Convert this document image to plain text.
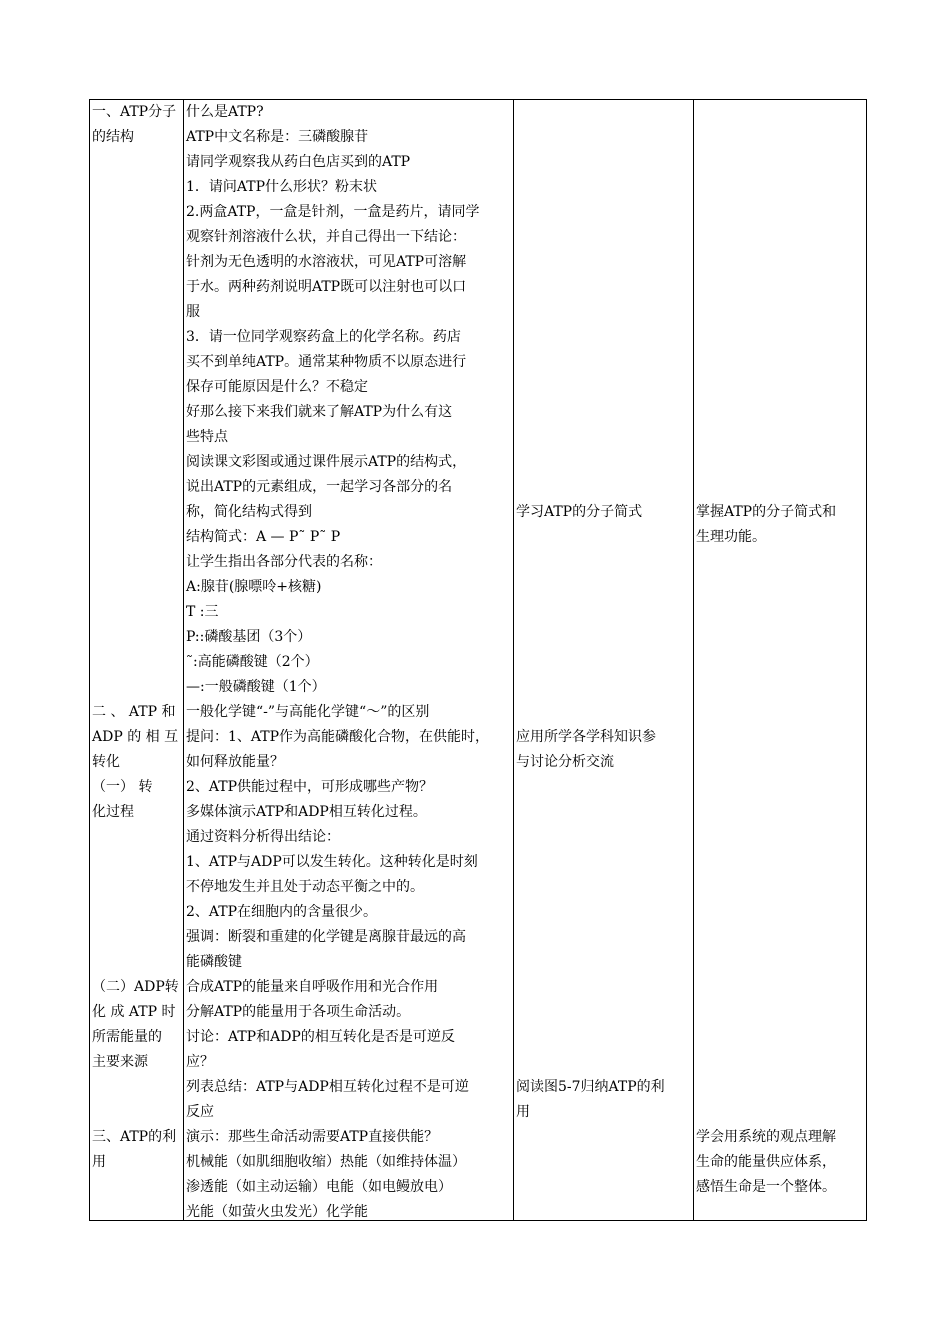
一、ATP分子
的结构
二 、 ATP 和
ADP 的 相 互
转化
（一） 转
化过程
（二）ADP转
化 成 ATP 时
所需能量的
主要来源
三、ATP的利
用
什么是ATP?
ATP中文名称是：三磷酸腺苷
请同学观察我从药白色店买到的ATP
1．请问ATP什么形状？粉末状
2.两盒ATP，一盒是针剂，一盒是药片，请同学
观察针剂溶液什么状，并自己得出一下结论：
针剂为无色透明的水溶液状，可见ATP可溶解
于水。两种药剂说明ATP既可以注射也可以口
服
3．请一位同学观察药盒上的化学名称。药店
买不到单纯ATP。通常某种物质不以原态进行
保存可能原因是什么？不稳定
好那么接下来我们就来了解ATP为什么有这
些特点
阅读课文彩图或通过课件展示ATP的结构式，
说出ATP的元素组成，一起学习各部分的名
称，简化结构式得到
结构简式：A — P˜ P˜ P
让学生指出各部分代表的名称：
A:腺苷(腺嘌呤+核糖)
T :三
P::磷酸基团（3个）
˜:高能磷酸键（2个）
—:一般磷酸键（1个）
一般化学键“-”与高能化学键“～”的区别
提问：1、ATP作为高能磷酸化合物，在供能时，
如何释放能量？
2、ATP供能过程中，可形成哪些产物？
多媒体演示ATP和ADP相互转化过程。
通过资料分析得出结论：
1、ATP与ADP可以发生转化。这种转化是时刻
不停地发生并且处于动态平衡之中的。
2、ATP在细胞内的含量很少。
强调：断裂和重建的化学键是离腺苷最远的高
能磷酸键
合成ATP的能量来自呼吸作用和光合作用
分解ATP的能量用于各项生命活动。
讨论：ATP和ADP的相互转化是否是可逆反
应？
列表总结：ATP与ADP相互转化过程不是可逆
反应
演示：那些生命活动需要ATP直接供能？
机械能（如肌细胞收缩）热能（如维持体温）
渗透能（如主动运输）电能（如电鳗放电）
光能（如萤火虫发光）化学能
学习ATP的分子简式
应用所学各学科知识参
与讨论分析交流
阅读图5-7归纳ATP的利
用
掌握ATP的分子简式和
生理功能。
学会用系统的观点理解
生命的能量供应体系，
感悟生命是一个整体。
